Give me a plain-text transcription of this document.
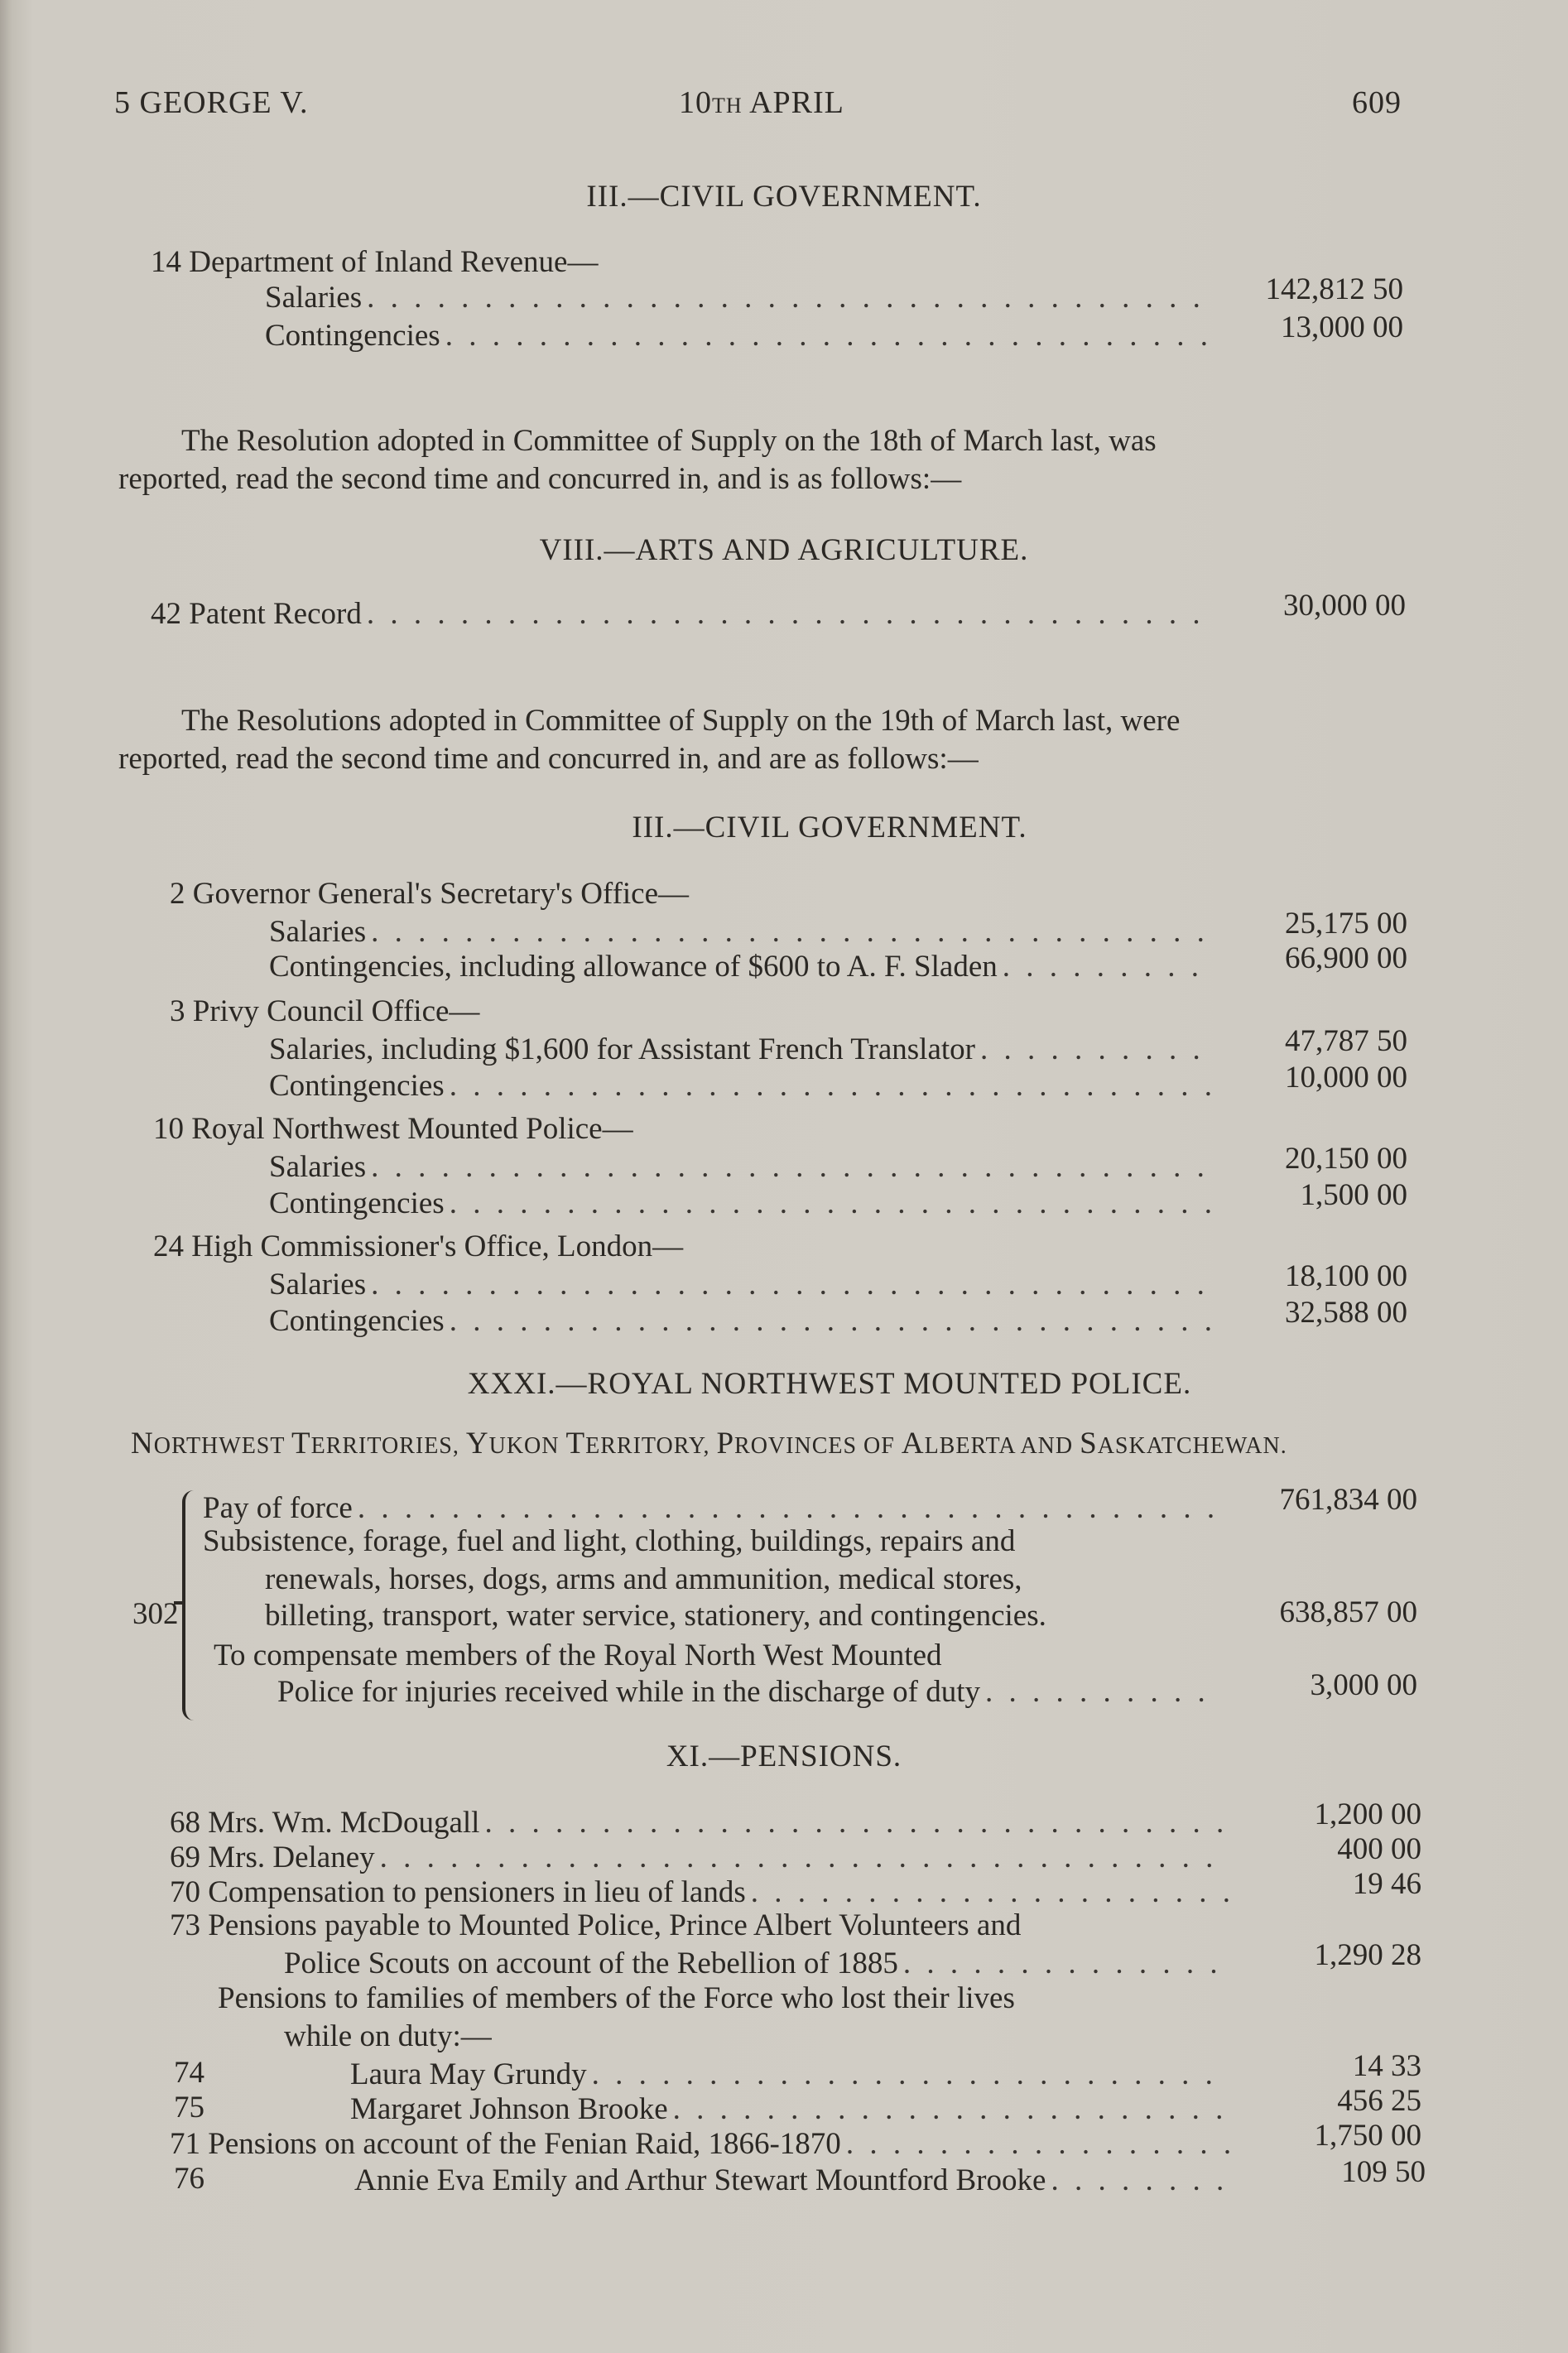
5 GEORGE V.	10TH APRIL	609
III.—CIVIL GOVERNMENT.
14 Department of Inland Revenue—
Salaries . . .	142,812 50
Contingencies . . .	13,000 00
The Resolution adopted in Committee of Supply on the 18th of March last, was
reported, read the second time and concurred in, and is as follows:—
VIII.—ARTS AND AGRICULTURE.
42 Patent Record . . .	30,000 00
The Resolutions adopted in Committee of Supply on the 19th of March last, were
reported, read the second time and concurred in, and are as follows:—
III.—CIVIL GOVERNMENT.
2 Governor General's Secretary's Office—
Salaries . . .	25,175 00
Contingencies, including allowance of $600 to A. F. Sladen . . .	66,900 00
3 Privy Council Office—
Salaries, including $1,600 for Assistant French Translator . . .	47,787 50
Contingencies . . .	10,000 00
10 Royal Northwest Mounted Police—
Salaries . . .	20,150 00
Contingencies . . .	1,500 00
24 High Commissioner's Office, London—
Salaries . . .	18,100 00
Contingencies . . .	32,588 00
XXXI.—ROYAL NORTHWEST MOUNTED POLICE.
NORTHWEST TERRITORIES, YUKON TERRITORY, PROVINCES OF ALBERTA AND SASKATCHEWAN.
302
Pay of force . . .	761,834 00
Subsistence, forage, fuel and light, clothing, buildings, repairs and
renewals, horses, dogs, arms and ammunition, medical stores,
billeting, transport, water service, stationery, and contingencies.	638,857 00
To compensate members of the Royal North West Mounted
Police for injuries received while in the discharge of duty . . .	3,000 00
XI.—PENSIONS.
68 Mrs. Wm. McDougall . . .	1,200 00
69 Mrs. Delaney . . .	400 00
70 Compensation to pensioners in lieu of lands . . .	19 46
73 Pensions payable to Mounted Police, Prince Albert Volunteers and
Police Scouts on account of the Rebellion of 1885 . . .	1,290 28
Pensions to families of members of the Force who lost their lives
while on duty:—
74	Laura May Grundy . . .	14 33
75	Margaret Johnson Brooke . . .	456 25
71 Pensions on account of the Fenian Raid, 1866-1870 . . .	1,750 00
76	Annie Eva Emily and Arthur Stewart Mountford Brooke . . .	109 50
